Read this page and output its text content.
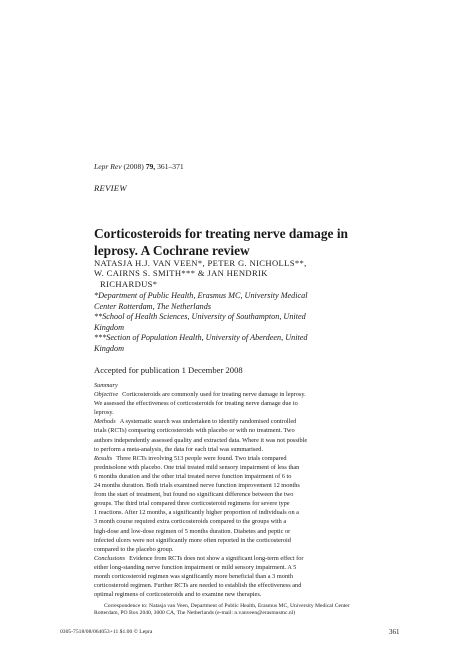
Lepr Rev (2008) 79, 361–371
REVIEW
Corticosteroids for treating nerve damage in
leprosy. A Cochrane review
NATASJA H.J. VAN VEEN*, PETER G. NICHOLLS**,
W. CAIRNS S. SMITH*** & JAN HENDRIK
RICHARDUS*
*Department of Public Health, Erasmus MC, University Medical
Center Rotterdam, The Netherlands
**School of Health Sciences, University of Southampton, United
Kingdom
***Section of Population Health, University of Aberdeen, United
Kingdom
Accepted for publication 1 December 2008

Summary

Objective Corticosteroids are commonly used for treating nerve damage in leprosy.

We assessed the effectiveness of corticosteroids for treating nerve damage due to

leprosy.

Methods A systematic search was undertaken to identify randomised controlled

trials (RCTs) comparing corticosteroids with placebo or with no treatment. Two

authors independently assessed quality and extracted data. Where it was not possible

to perform a meta-analysis, the data for each trial was summarised.

Results Three RCTs involving 513 people were found. Two trials compared

prednisolone with placebo. One trial treated mild sensory impairment of less than

6 months duration and the other trial treated nerve function impairment of 6 to

24 months duration. Both trials examined nerve function improvement 12 months

from the start of treatment, but found no significant difference between the two

groups. The third trial compared three corticosteroid regimens for severe type

1 reactions. After 12 months, a significantly higher proportion of individuals on a

3 month course required extra corticosteroids compared to the groups with a

high-dose and low-dose regimen of 5 months duration. Diabetes and peptic or

infected ulcers were not significantly more often reported in the corticosteroid

compared to the placebo group.

Conclusions Evidence from RCTs does not show a significant long-term effect for

either long-standing nerve function impairment or mild sensory impairment. A 5

month corticosteroid regimen was significantly more beneficial than a 3 month

corticosteroid regimen. Further RCTs are needed to establish the effectiveness and

optimal regimens of corticosteroids and to examine new therapies.

Correspondence to: Natasja van Veen, Department of Public Health, Erasmus MC, University Medical Center
Rotterdam, PO Box 2040, 3000 CA, The Netherlands (e-mail: n.vanveen@erasmusmc.nl)
0305-7518/08/064053+11 $1.00 © Lepra	361
